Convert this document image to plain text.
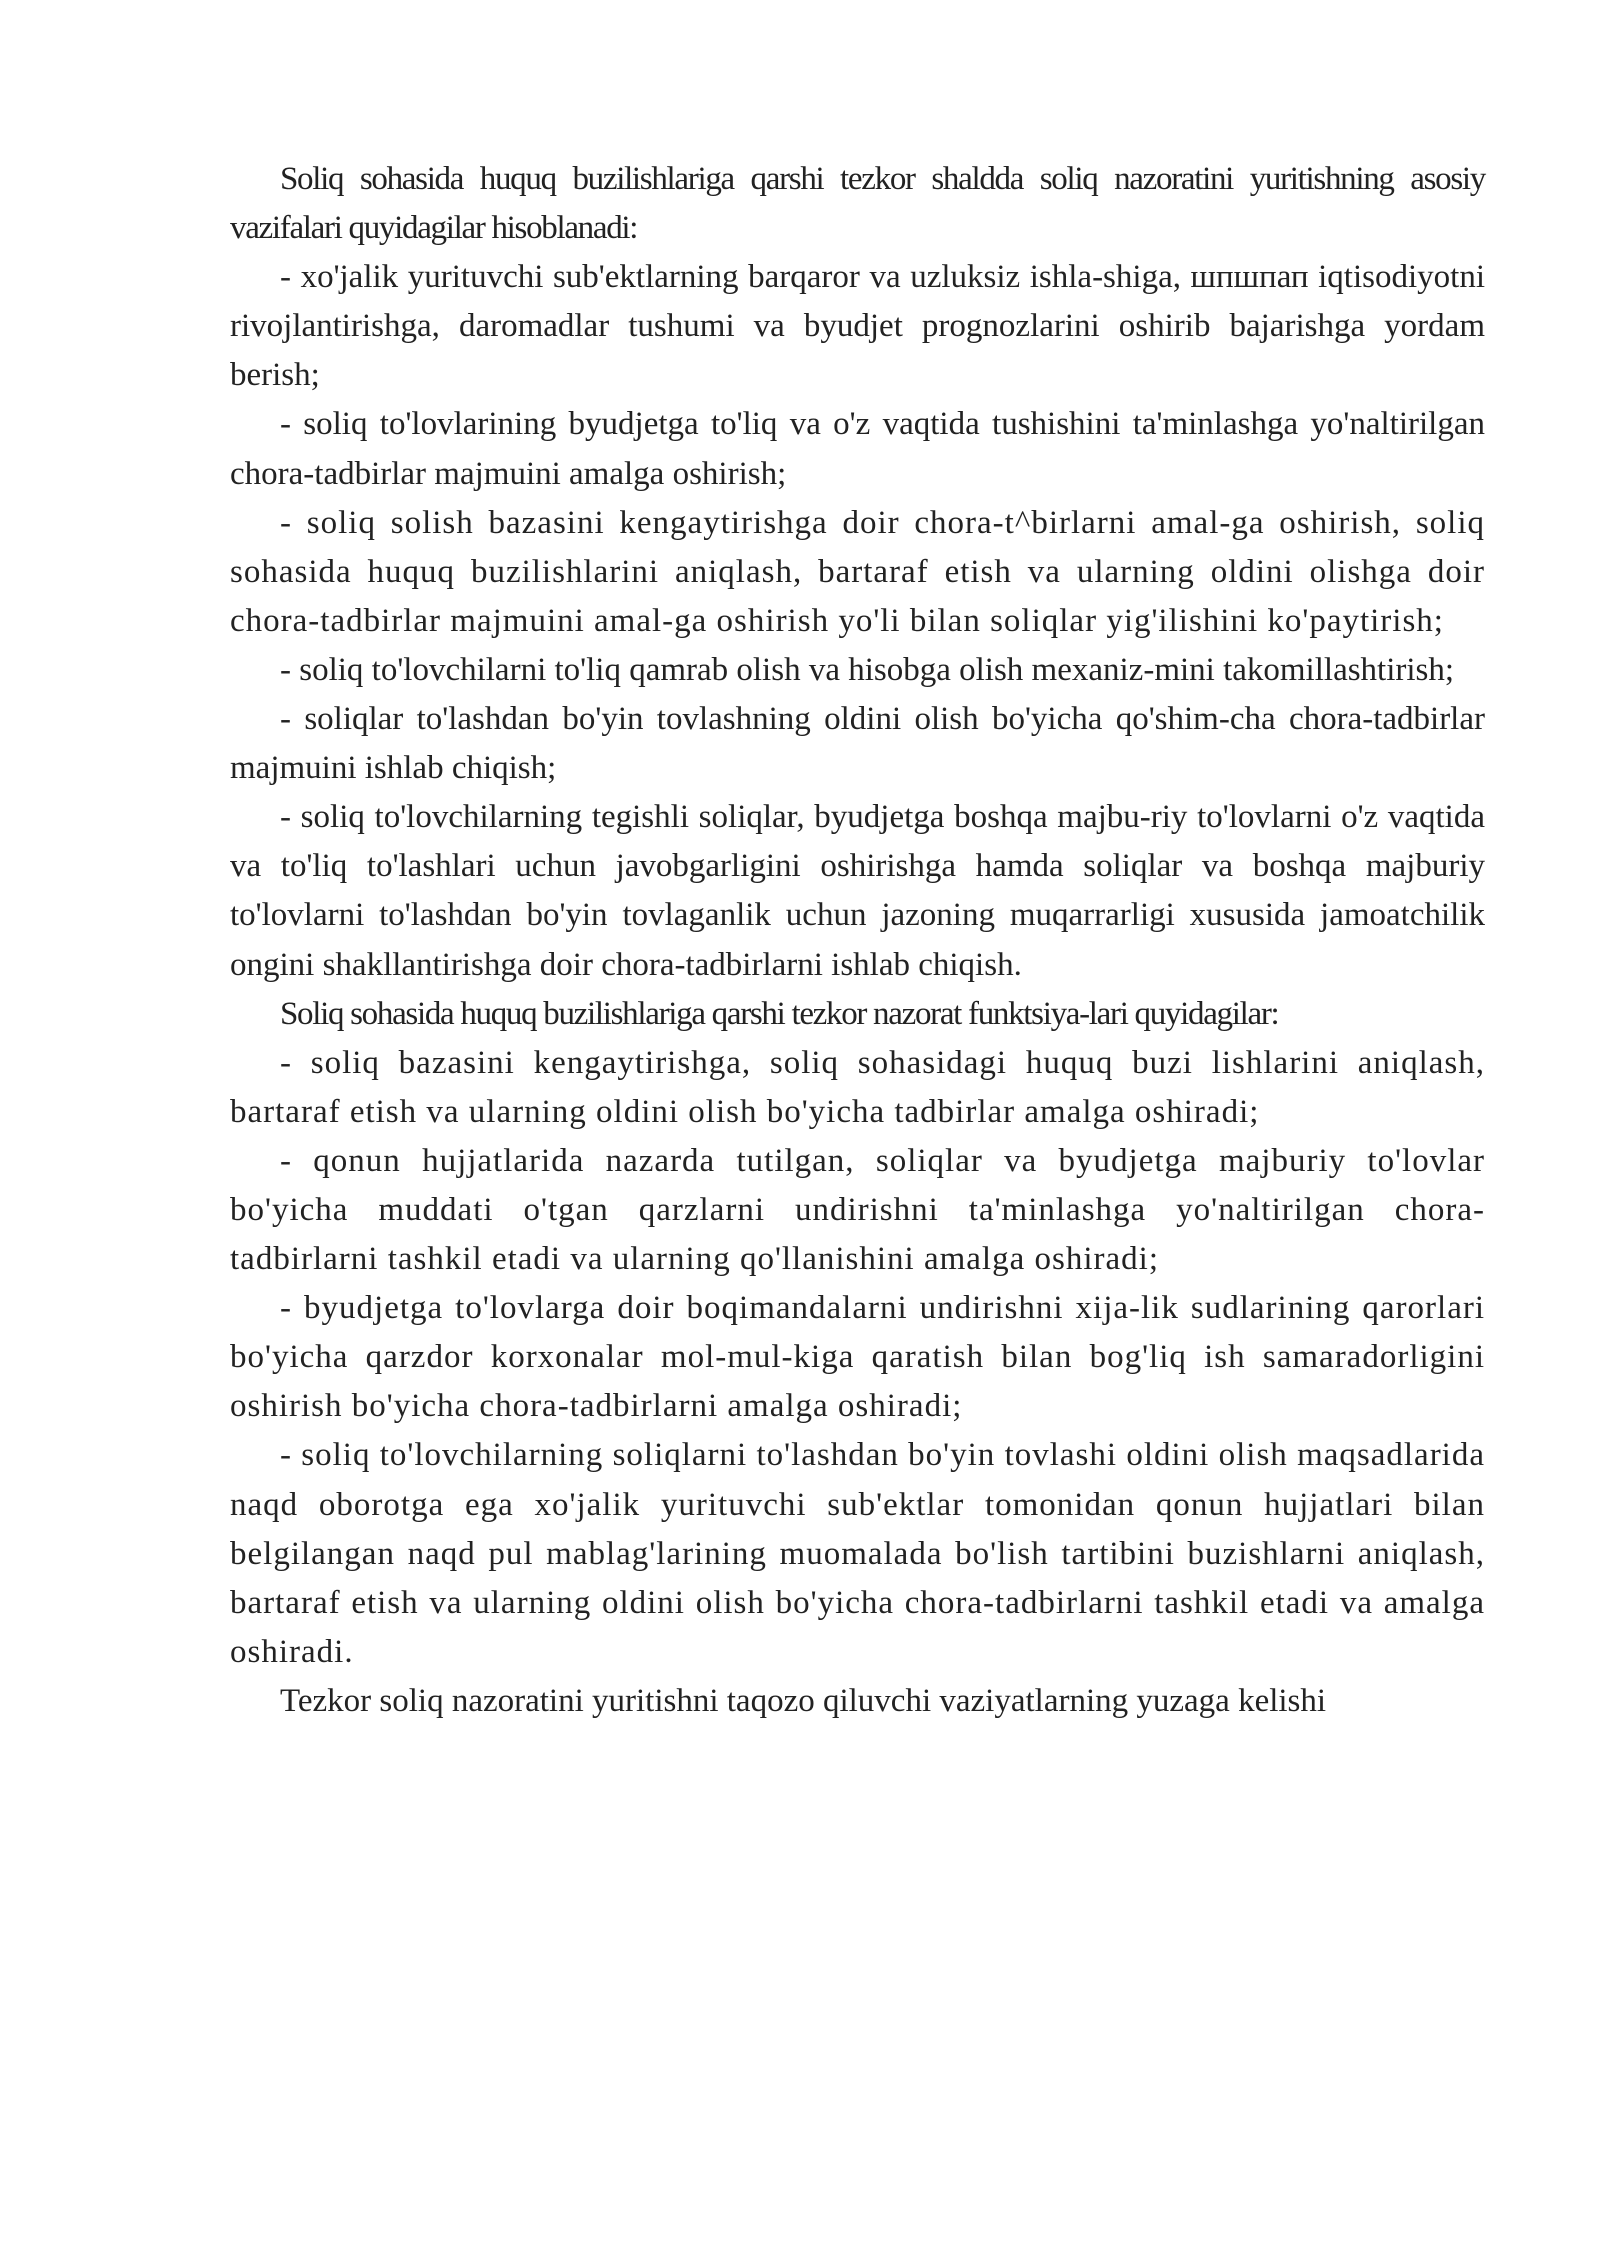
Soliq sohasida huquq buzilishlariga qarshi tezkor shaldda soliq nazoratini yuritishning asosiy vazifalari quyidagilar hisoblanadi:

- xo'jalik yurituvchi sub'ektlarning barqaror va uzluksiz ishla-shiga, шпшпап iqtisodiyotni rivojlantirishga, daromadlar tushumi va byudjet prognozlarini oshirib bajarishga yordam berish;

- soliq to'lovlarining byudjetga to'liq va o'z vaqtida tushishini ta'minlashga yo'naltirilgan chora-tadbirlar majmuini amalga oshirish;

- soliq solish bazasini kengaytirishga doir chora-t^birlarni amal-ga oshirish, soliq sohasida huquq buzilishlarini aniqlash, bartaraf etish va ularning oldini olishga doir chora-tadbirlar majmuini amal-ga oshirish yo'li bilan soliqlar yig'ilishini ko'paytirish;

- soliq to'lovchilarni to'liq qamrab olish va hisobga olish mexaniz-mini takomillashtirish;

- soliqlar to'lashdan bo'yin tovlashning oldini olish bo'yicha qo'shim-cha chora-tadbirlar majmuini ishlab chiqish;

- soliq to'lovchilarning tegishli soliqlar, byudjetga boshqa majbu-riy to'lovlarni o'z vaqtida va to'liq to'lashlari uchun javobgarligini oshirishga hamda soliqlar va boshqa majburiy to'lovlarni to'lashdan bo'yin tovlaganlik uchun jazoning muqarrarligi xususida jamoatchilik ongini shakllantirishga doir chora-tadbirlarni ishlab chiqish.

Soliq sohasida huquq buzilishlariga qarshi tezkor nazorat funktsiya-lari quyidagilar:

- soliq bazasini kengaytirishga, soliq sohasidagi huquq buzi lishlarini aniqlash, bartaraf etish va ularning oldini olish bo'yicha tadbirlar amalga oshiradi;

- qonun hujjatlarida nazarda tutilgan, soliqlar va byudjetga majburiy to'lovlar bo'yicha muddati o'tgan qarzlarni undirishni ta'minlashga yo'naltirilgan chora-tadbirlarni tashkil etadi va ularning qo'llanishini amalga oshiradi;

- byudjetga to'lovlarga doir boqimandalarni undirishni xija-lik sudlarining qarorlari bo'yicha qarzdor korxonalar mol-mul-kiga qaratish bilan bog'liq ish samaradorligini oshirish bo'yicha chora-tadbirlarni amalga oshiradi;

- soliq to'lovchilarning soliqlarni to'lashdan bo'yin tovlashi oldini olish maqsadlarida naqd oborotga ega xo'jalik yurituvchi sub'ektlar tomonidan qonun hujjatlari bilan belgilangan naqd pul mablag'larining muomalada bo'lish tartibini buzishlarni aniqlash, bartaraf etish va ularning oldini olish bo'yicha chora-tadbirlarni tashkil etadi va amalga oshiradi.

Tezkor soliq nazoratini yuritishni taqozo qiluvchi vaziyatlarning yuzaga kelishi
